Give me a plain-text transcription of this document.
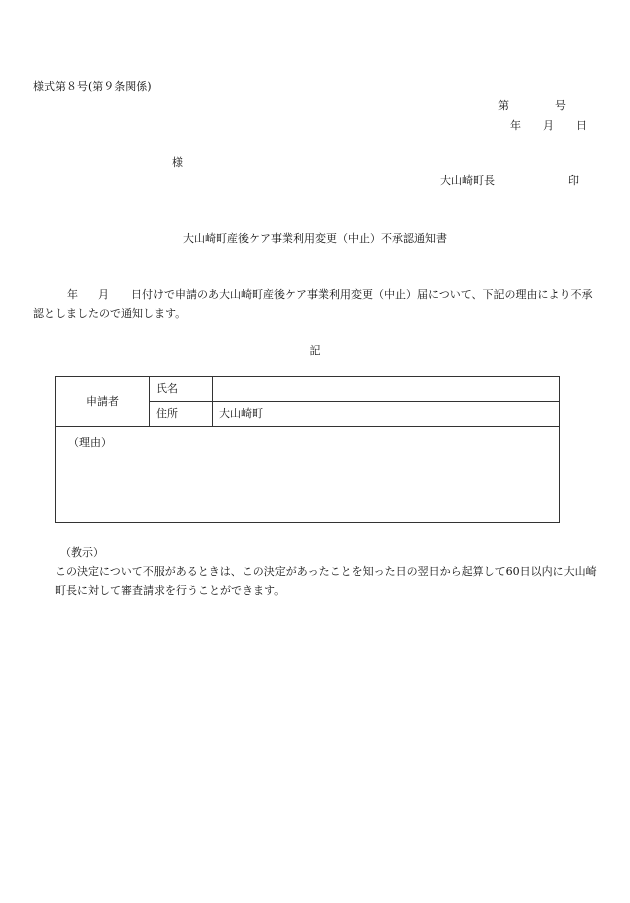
様式第８号(第９条関係)
第	号
年 月 日
様
大山崎町長	印
大山崎町産後ケア事業利用変更（中止）不承認通知書
年 月 日付けで申請のあ大山崎町産後ケア事業利用変更（中止）届について、下記の理由により不承認としましたので通知します。
記
申請者	氏名	
	住所	大山崎町
（理由）		
（教示）
この決定について不服があるときは、この決定があったことを知った日の翌日から起算して60日以内に大山崎町長に対して審査請求を行うことができます。
